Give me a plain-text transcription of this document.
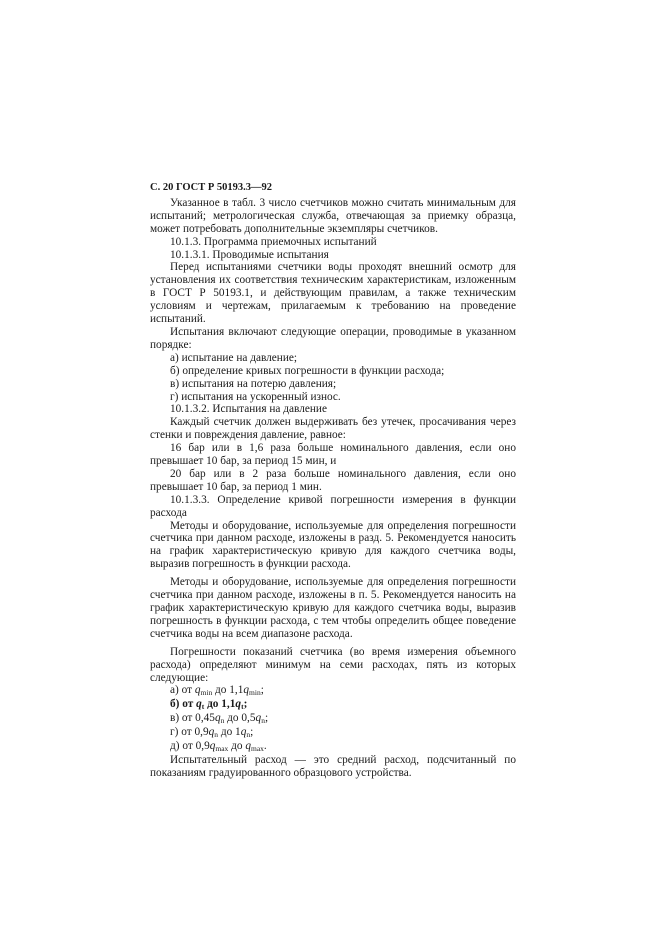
С. 20 ГОСТ Р 50193.3—92

Указанное в табл. 3 число счетчиков можно считать минимальным для испытаний; метрологическая служба, отвечающая за приемку образца, может потребовать дополнительные экземпляры счетчиков.

10.1.3. Программа приемочных испытаний

10.1.3.1. Проводимые испытания

Перед испытаниями счетчики воды проходят внешний осмотр для установления их соответствия техническим характеристикам, изложенным в ГОСТ Р 50193.1, и действующим правилам, а также техническим условиям и чертежам, прилагаемым к требованию на проведение испытаний.

Испытания включают следующие операции, проводимые в указанном порядке:

а) испытание на давление;

б) определение кривых погрешности в функции расхода;

в) испытания на потерю давления;

г) испытания на ускоренный износ.

10.1.3.2. Испытания на давление

Каждый счетчик должен выдерживать без утечек, просачивания через стенки и повреждения давление, равное:

16 бар или в 1,6 раза больше номинального давления, если оно превышает 10 бар, за период 15 мин, и

20 бар или в 2 раза больше номинального давления, если оно превышает 10 бар, за период 1 мин.

10.1.3.3. Определение кривой погрешности измерения в функции расхода

Методы и оборудование, используемые для определения погрешности счетчика при данном расходе, изложены в разд. 5. Рекомендуется наносить на график характеристическую кривую для каждого счетчика воды, выразив погрешность в функции расхода.

Методы и оборудование, используемые для определения погрешности счетчика при данном расходе, изложены в п. 5. Рекомендуется наносить на график характеристическую кривую для каждого счетчика воды, выразив погрешность в функции расхода, с тем чтобы определить общее поведение счетчика воды на всем диапазоне расхода.

Погрешности показаний счетчика (во время измерения объемного расхода) определяют минимум на семи расходах, пять из которых следующие:

а) от $q_{min}$ до $1,1q_{min}$;

б) от $q_t$ до $1,1q_t$;

в) от $0,45q_n$ до $0,5q_n$;

г) от $0,9q_n$ до $1q_n$;

д) от $0,9q_{max}$ до $q_{max}$.

Испытательный расход — это средний расход, подсчитанный по показаниям градуированного образцового устройства.
